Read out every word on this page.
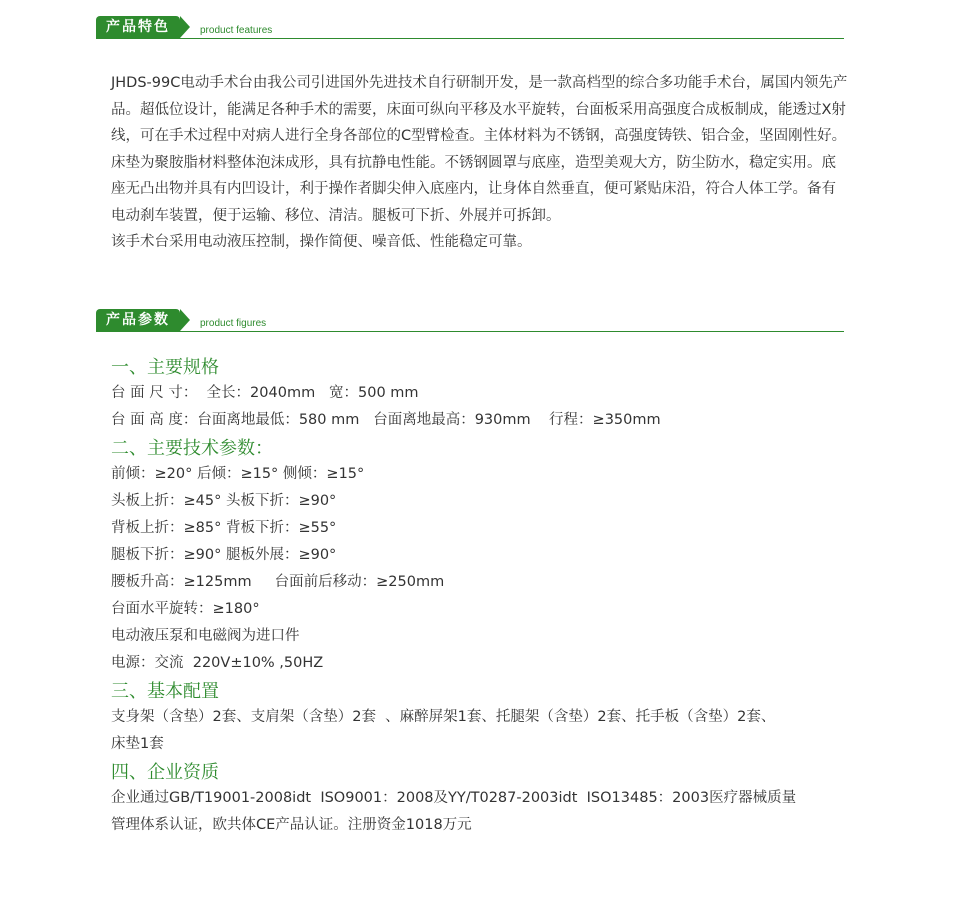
产品特色	product features

JHDS-99C电动手术台由我公司引进国外先进技术自行研制开发，是一款高档型的综合多功能手术台，属国内领先产品。超低位设计，能满足各种手术的需要，床面可纵向平移及水平旋转，台面板采用高强度合成板制成，能透过X射线，可在手术过程中对病人进行全身各部位的C型臂检查。主体材料为不锈钢，高强度铸铁、铝合金，坚固刚性好。床垫为聚胺脂材料整体泡沫成形，具有抗静电性能。不锈钢圆罩与底座，造型美观大方，防尘防水，稳定实用。底座无凸出物并具有内凹设计，利于操作者脚尖伸入底座内，让身体自然垂直，便可紧贴床沿，符合人体工学。备有电动刹车装置，便于运输、移位、清洁。腿板可下折、外展并可拆卸。

该手术台采用电动液压控制，操作简便、噪音低、性能稳定可靠。

产品参数	product figures
一、主要规格
台 面 尺 寸：  全长：2040mm   宽：500 mm
台 面 高 度：台面离地最低：580 mm   台面离地最高：930mm    行程：≥350mm
二、主要技术参数：
前倾：≥20° 后倾：≥15° 侧倾：≥15°
头板上折：≥45° 头板下折：≥90°
背板上折：≥85° 背板下折：≥55°
腿板下折：≥90° 腿板外展：≥90°
腰板升高：≥125mm     台面前后移动：≥250mm
台面水平旋转：≥180°
电动液压泵和电磁阀为进口件
电源：交流  220V±10% ,50HZ
三、基本配置
支身架（含垫）2套、支肩架（含垫）2套  、麻醉屏架1套、托腿架（含垫）2套、托手板（含垫）2套、
床垫1套
四、企业资质
企业通过GB/T19001-2008idt  ISO9001：2008及YY/T0287-2003idt  ISO13485：2003医疗器械质量
管理体系认证，欧共体CE产品认证。注册资金1018万元
